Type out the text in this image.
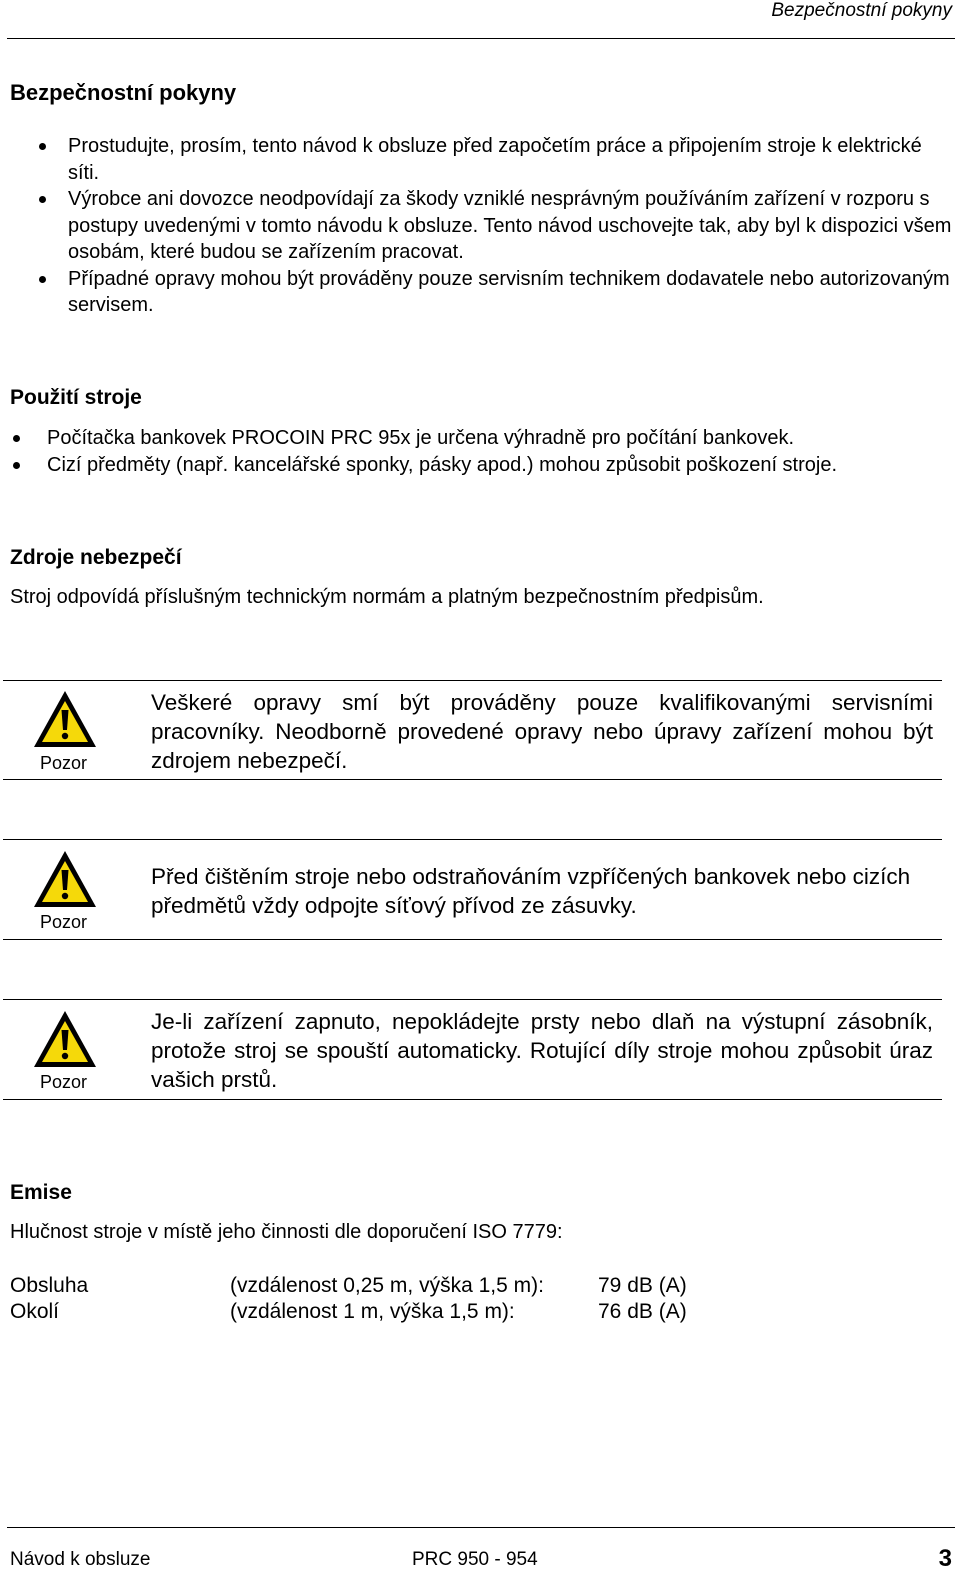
Bezpečnostní pokyny
Bezpečnostní pokyny
Prostudujte, prosím, tento návod k obsluze před započetím práce a připojením stroje k elektrické síti.
Výrobce ani dovozce neodpovídají za škody vzniklé nesprávným používáním zařízení v rozporu s postupy uvedenými v tomto návodu k obsluze. Tento návod uschovejte tak, aby byl k dispozici všem osobám, které budou se zařízením pracovat.
Případné opravy mohou být prováděny pouze servisním technikem dodavatele nebo autorizovaným servisem.
Použití stroje
Počítačka bankovek PROCOIN PRC 95x je určena výhradně pro počítání bankovek.
Cizí předměty (např. kancelářské sponky, pásky apod.) mohou způsobit poškození stroje.
Zdroje nebezpečí
Stroj odpovídá příslušným technickým normám a platným bezpečnostním předpisům.
Pozor
Veškeré opravy smí být prováděny pouze kvalifikovanými servisními pracovníky. Neodborně provedené opravy nebo úpravy zařízení mohou být zdrojem nebezpečí.
Pozor
Před čištěním stroje nebo odstraňováním vzpříčených bankovek nebo cizích předmětů vždy odpojte síťový přívod ze zásuvky.
Pozor
Je-li zařízení zapnuto, nepokládejte prsty nebo dlaň na výstupní zásobník, protože stroj se spouští automaticky. Rotující díly stroje mohou způsobit úraz vašich prstů.
Emise
Hlučnost stroje v místě jeho činnosti dle doporučení ISO 7779:
Obsluha	(vzdálenost 0,25 m, výška 1,5 m):	79 dB (A)
Okolí	(vzdálenost 1 m, výška 1,5 m):	76 dB (A)
Návod k obsluze	PRC 950 - 954	3
